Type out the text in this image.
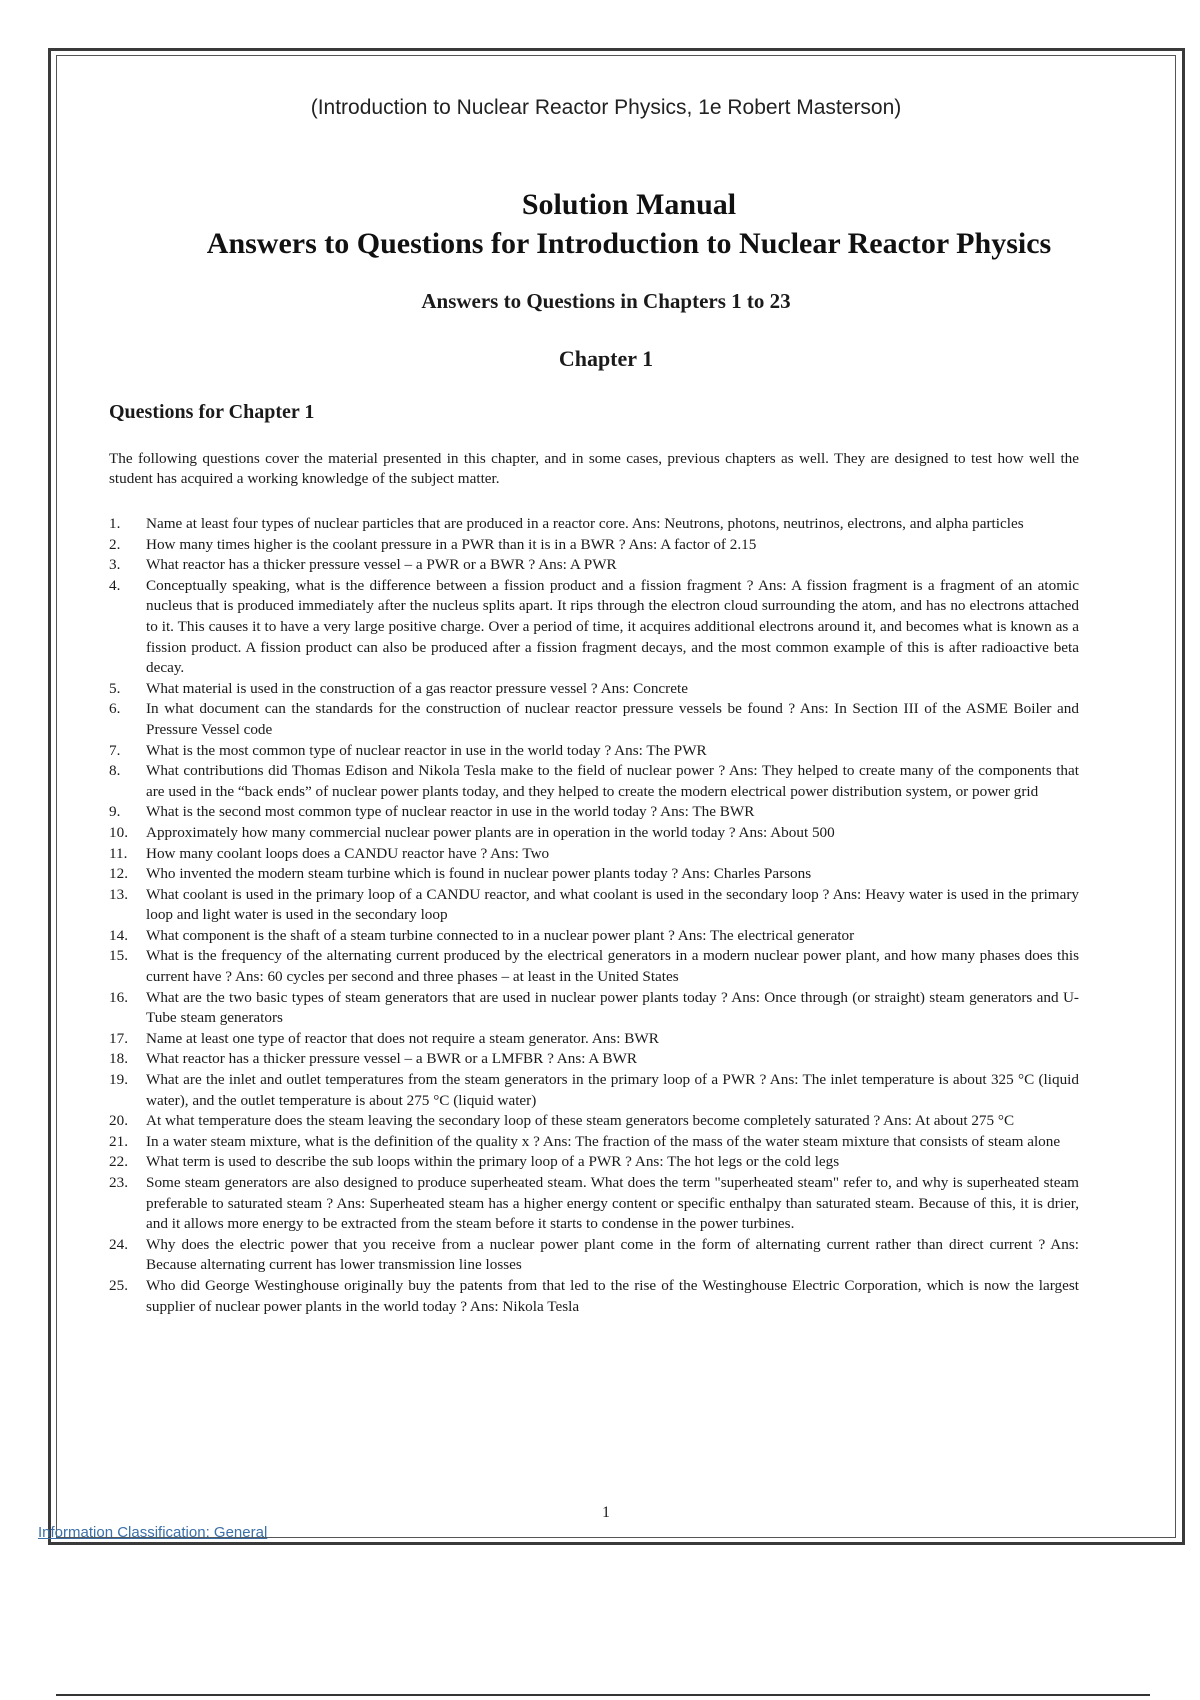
(Introduction to Nuclear Reactor Physics, 1e Robert Masterson)
Solution Manual
Answers to Questions for Introduction to Nuclear Reactor Physics
Answers to Questions in Chapters 1 to 23
Chapter 1
Questions for Chapter 1
The following questions cover the material presented in this chapter, and in some cases, previous chapters as well. They are designed to test how well the student has acquired a working knowledge of the subject matter.
1.	Name at least four types of nuclear particles that are produced in a reactor core. Ans: Neutrons, photons, neutrinos, electrons, and alpha particles
2.	How many times higher is the coolant pressure in a PWR than it is in a BWR ? Ans: A factor of 2.15
3.	What reactor has a thicker pressure vessel – a PWR or a BWR ? Ans: A PWR
4.	Conceptually speaking, what is the difference between a fission product and a fission fragment ? Ans: A fission fragment is a fragment of an atomic nucleus that is produced immediately after the nucleus splits apart. It rips through the electron cloud surrounding the atom, and has no electrons attached to it. This causes it to have a very large positive charge. Over a period of time, it acquires additional electrons around it, and becomes what is known as a fission product. A fission product can also be produced after a fission fragment decays, and the most common example of this is after radioactive beta decay.
5.	What material is used in the construction of a gas reactor pressure vessel ? Ans: Concrete
6.	In what document can the standards for the construction of nuclear reactor pressure vessels be found ? Ans: In Section III of the ASME Boiler and Pressure Vessel code
7.	What is the most common type of nuclear reactor in use in the world today ? Ans: The PWR
8.	What contributions did Thomas Edison and Nikola Tesla make to the field of nuclear power ? Ans: They helped to create many of the components that are used in the “back ends” of nuclear power plants today, and they helped to create the modern electrical power distribution system, or power grid
9.	What is the second most common type of nuclear reactor in use in the world today ? Ans: The BWR
10.	Approximately how many commercial nuclear power plants are in operation in the world today ? Ans: About 500
11.	How many coolant loops does a CANDU reactor have ? Ans: Two
12.	Who invented the modern steam turbine which is found in nuclear power plants today ? Ans: Charles Parsons
13.	What coolant is used in the primary loop of a CANDU reactor, and what coolant is used in the secondary loop ? Ans: Heavy water is used in the primary loop and light water is used in the secondary loop
14.	What component is the shaft of a steam turbine connected to in a nuclear power plant ? Ans: The electrical generator
15.	What is the frequency of the alternating current produced by the electrical generators in a modern nuclear power plant, and how many phases does this current have ? Ans: 60 cycles per second and three phases – at least in the United States
16.	What are the two basic types of steam generators that are used in nuclear power plants today ? Ans: Once through (or straight) steam generators and U-Tube steam generators
17.	Name at least one type of reactor that does not require a steam generator. Ans: BWR
18.	What reactor has a thicker pressure vessel – a BWR or a LMFBR ? Ans: A BWR
19.	What are the inlet and outlet temperatures from the steam generators in the primary loop of a PWR ? Ans: The inlet temperature is about 325 °C (liquid water), and the outlet temperature is about 275 °C (liquid water)
20.	At what temperature does the steam leaving the secondary loop of these steam generators become completely saturated ? Ans: At about 275 °C
21.	In a water steam mixture, what is the definition of the quality x ? Ans: The fraction of the mass of the water steam mixture that consists of steam alone
22.	What term is used to describe the sub loops within the primary loop of a PWR ? Ans: The hot legs or the cold legs
23.	Some steam generators are also designed to produce superheated steam. What does the term "superheated steam" refer to, and why is superheated steam preferable to saturated steam ? Ans: Superheated steam has a higher energy content or specific enthalpy than saturated steam. Because of this, it is drier, and it allows more energy to be extracted from the steam before it starts to condense in the power turbines.
24.	Why does the electric power that you receive from a nuclear power plant come in the form of alternating current rather than direct current ? Ans: Because alternating current has lower transmission line losses
25.	Who did George Westinghouse originally buy the patents from that led to the rise of the Westinghouse Electric Corporation, which is now the largest supplier of nuclear power plants in the world today ? Ans: Nikola Tesla
1
Information Classification: General
